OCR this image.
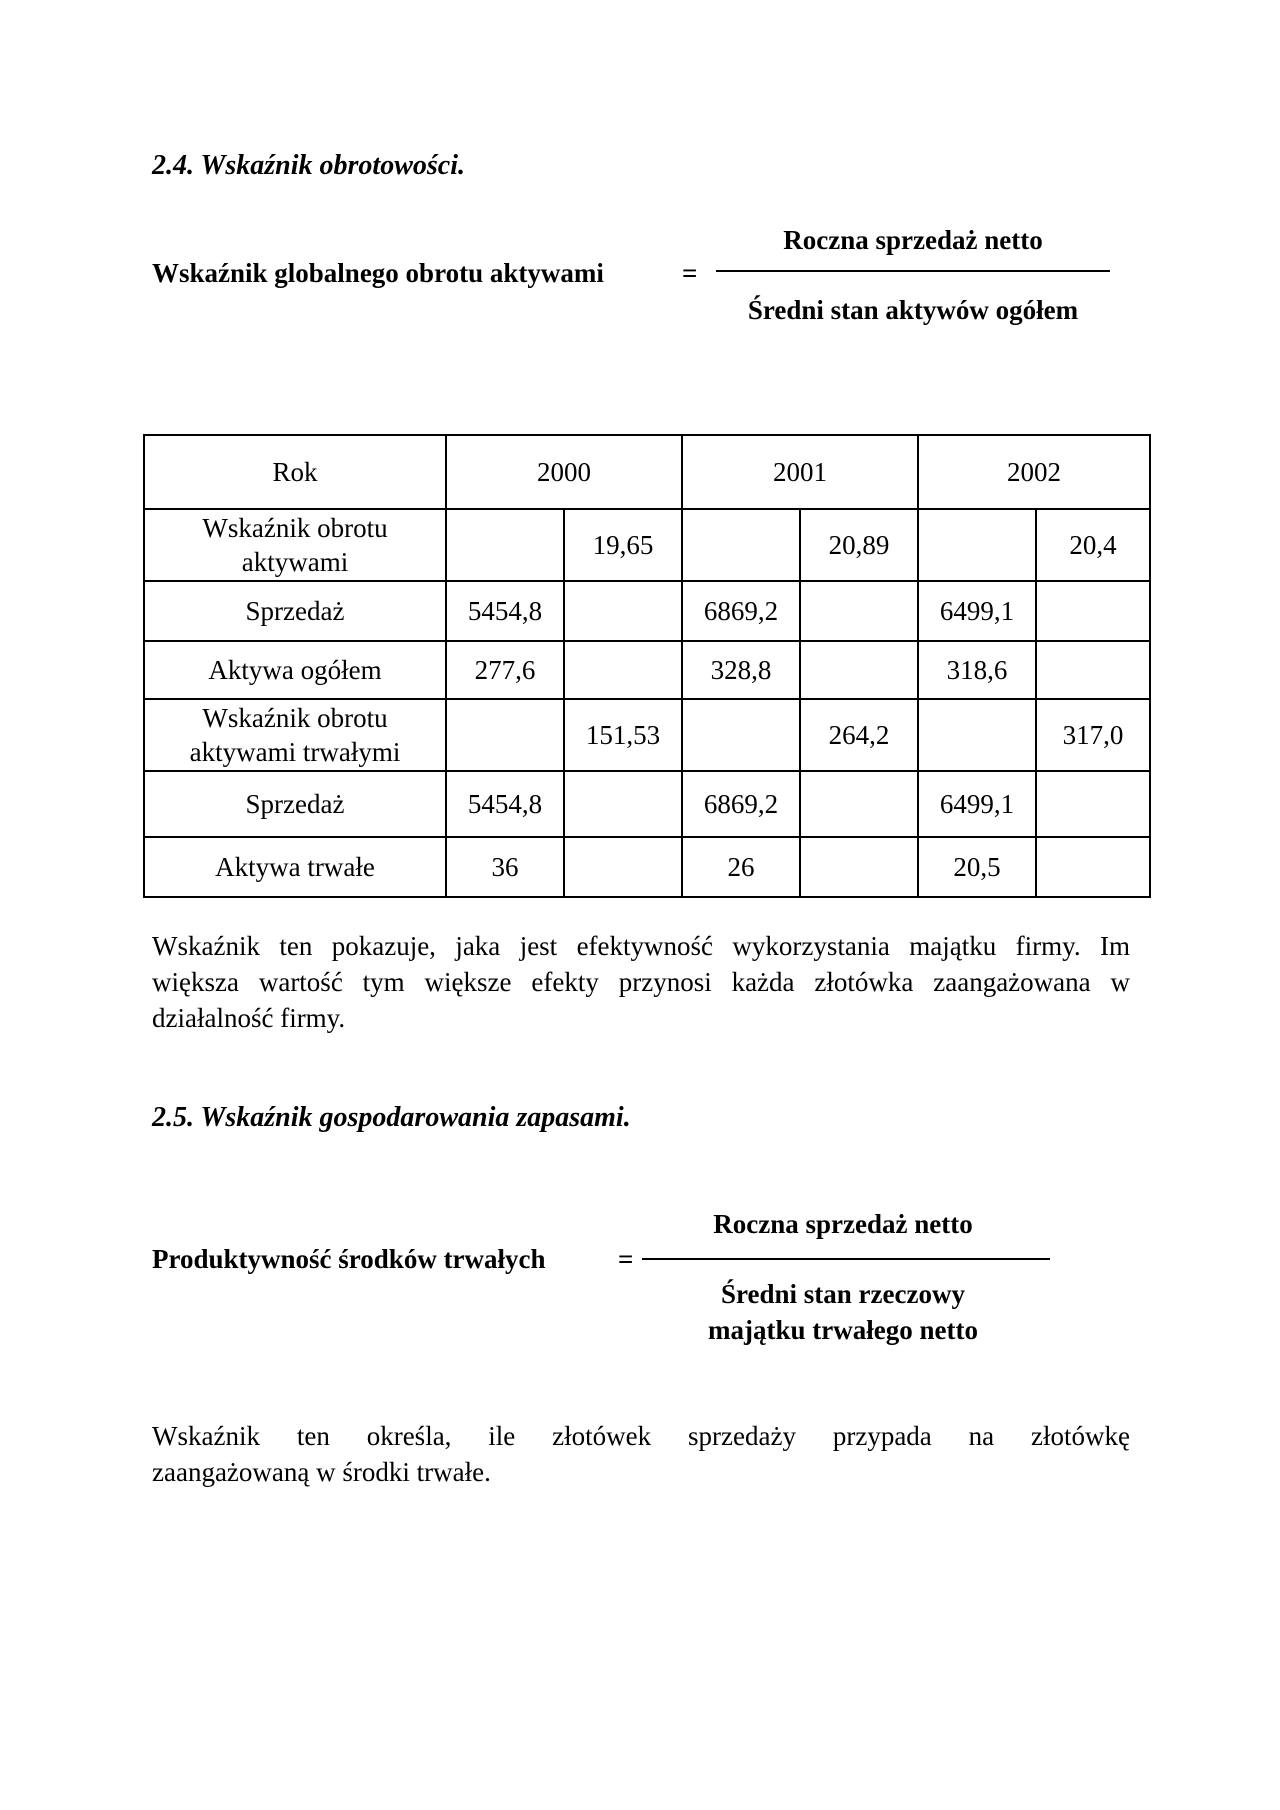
2.4. Wskaźnik obrotowości.
Wskaźnik globalnego obrotu aktywami	=
Roczna sprzedaż netto
Średni stan aktywów ogółem
Rok	2000		2001		2002	

Wskaźnik obrotu
aktywami		19,65		20,89		20,4
Sprzedaż	5454,8		6869,2		6499,1	
Aktywa ogółem	277,6		328,8		318,6	

Wskaźnik obrotu
aktywami trwałymi		151,53		264,2		317,0
Sprzedaż	5454,8		6869,2		6499,1	
Aktywa trwałe	36		26		20,5	
Wskaźnik ten pokazuje, jaka jest efektywność wykorzystania majątku firmy. Im
większa wartość tym większe efekty przynosi każda złotówka zaangażowana w
działalność firmy.
2.5. Wskaźnik gospodarowania zapasami.
Produktywność środków trwałych	=
Roczna sprzedaż netto
Średni stan rzeczowy
majątku trwałego netto
Wskaźnik ten określa, ile złotówek sprzedaży przypada na złotówkę
zaangażowaną w środki trwałe.
